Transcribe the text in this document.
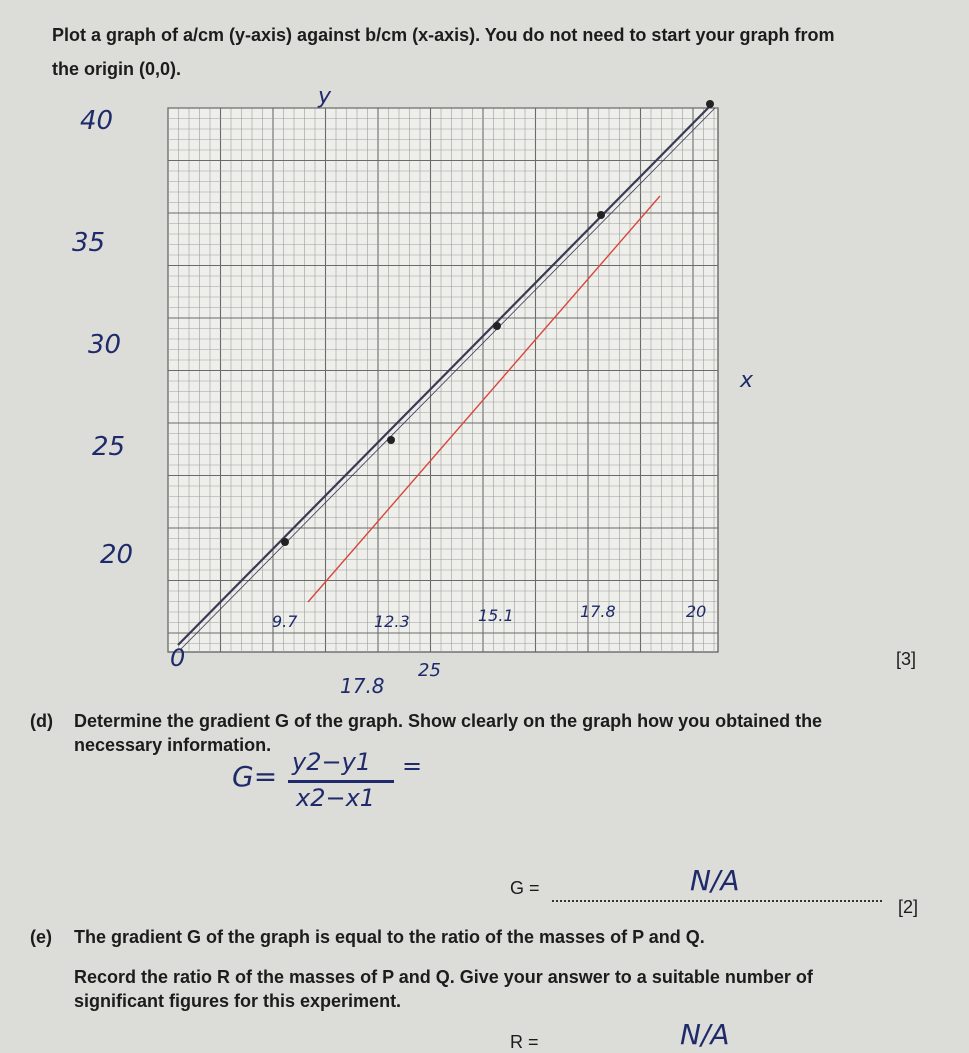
Plot a graph of a/cm (y-axis) against b/cm (x-axis). You do not need to start your graph from
the origin (0,0).
y
x
40
35
30
25
20
0
9.7	12.3	15.1	17.8	20
25
17.8
[3]
(d) Determine the gradient G of the graph. Show clearly on the graph how you obtained the
necessary information.
G= y2−y1
x2−x1
=
G =	N/A
[2]
(e) The gradient G of the graph is equal to the ratio of the masses of P and Q.
Record the ratio R of the masses of P and Q. Give your answer to a suitable number of
significant figures for this experiment.
R =	N/A
